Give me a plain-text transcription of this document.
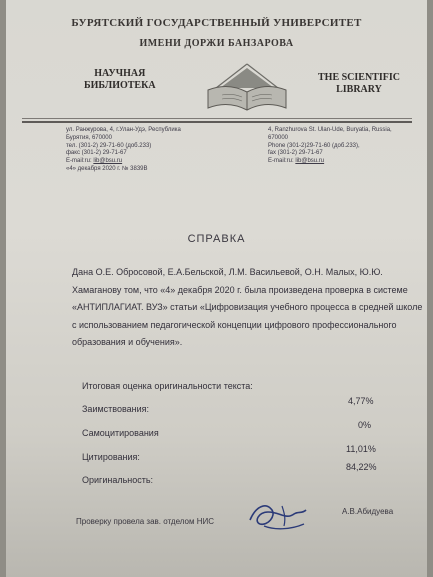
БУРЯТСКИЙ ГОСУДАРСТВЕННЫЙ УНИВЕРСИТЕТ
ИМЕНИ ДОРЖИ БАНЗАРОВА
НАУЧНАЯ
БИБЛИОТЕКА
THE SCIENTIFIC
LIBRARY
ул. Ранжурова, 4, г.Улан-Удэ, Республика
Бурятия, 670000
тел. (301-2) 29-71-60 (доб.233)
факс (301-2) 29-71-67
E-mail:ru: lib@bsu.ru
«4» декабря 2020 г. № 3839В
4, Ranzhurova St. Ulan-Ude, Buryatia, Russia,
670000
Phone (301-2)29-71-60 (доб.233),
fax (301-2) 29-71-67
E-mail:ru: lib@bsu.ru
СПРАВКА
Дана О.Е. Обросовой, Е.А.Бельской, Л.М. Васильевой, О.Н. Малых, Ю.Ю. Хамаганову том, что «4» декабря 2020 г. была произведена проверка в системе «АНТИПЛАГИАТ. ВУЗ» статьи «Цифровизация учебного процесса в средней школе с использованием педагогической концепции цифрового профессионального образования и обучения».
Итоговая оценка оригинальности текста:
Заимствования:
4,77%
Самоцитирования
0%
Цитирования:
11,01%
Оригинальность:
84,22%
Проверку провела зав. отделом НИС
А.В.Абидуева
